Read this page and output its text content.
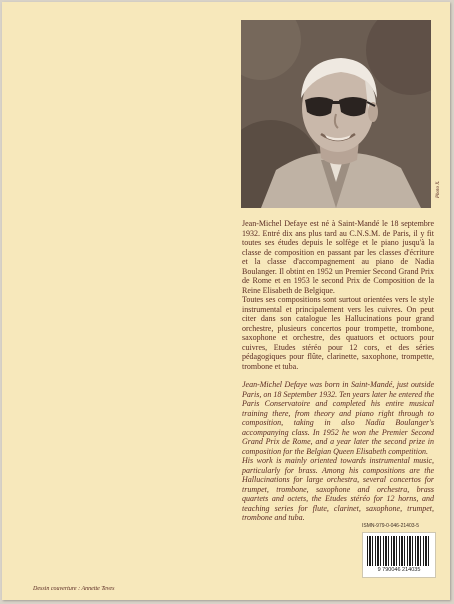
Photo X.

Jean-Michel Defaye est né à Saint-Mandé le 18 septembre 1932. Entré dix ans plus tard au C.N.S.M. de Paris, il y fit toutes ses études depuis le solfège et le piano jusqu'à la classe de composition en passant par les classes d'écriture et la classe d'accompagnement au piano de Nadia Boulanger. Il obtint en 1952 un Premier Second Grand Prix de Rome et en 1953 le second Prix de Composition de la Reine Elisabeth de Belgique.

Toutes ses compositions sont surtout orientées vers le style instrumental et principalement vers les cuivres. On peut citer dans son catalogue les Hallucinations pour grand orchestre, plusieurs concertos pour trompette, trombone, saxophone et orchestre, des quatuors et octuors pour cuivres, Etudes stéréo pour 12 cors, et des séries pédagogiques pour flûte, clarinette, saxophone, trompette, trombone et tuba.

Jean-Michel Defaye was born in Saint-Mandé, just outside Paris, on 18 September 1932. Ten years later he entered the Paris Conservatoire and completed his entire musical training there, from theory and piano right through to composition, taking in also Nadia Boulanger's accompanying class. In 1952 he won the Premier Second Grand Prix de Rome, and a year later the second prize in composition for the Belgian Queen Elisabeth competition.

His work is mainly oriented towards instrumental music, particularly for brass. Among his compositions are the Hallucinations for large orchestra, several concertos for trumpet, trombone, saxophone and orchestra, brass quartets and octets, the Etudes stéréo for 12 horns, and teaching series for flute, clarinet, saxophone, trumpet, trombone and tuba.

ISMN-979-0-046-21403-5
9 790046 214035
Dessin couverture : Annette Teves
